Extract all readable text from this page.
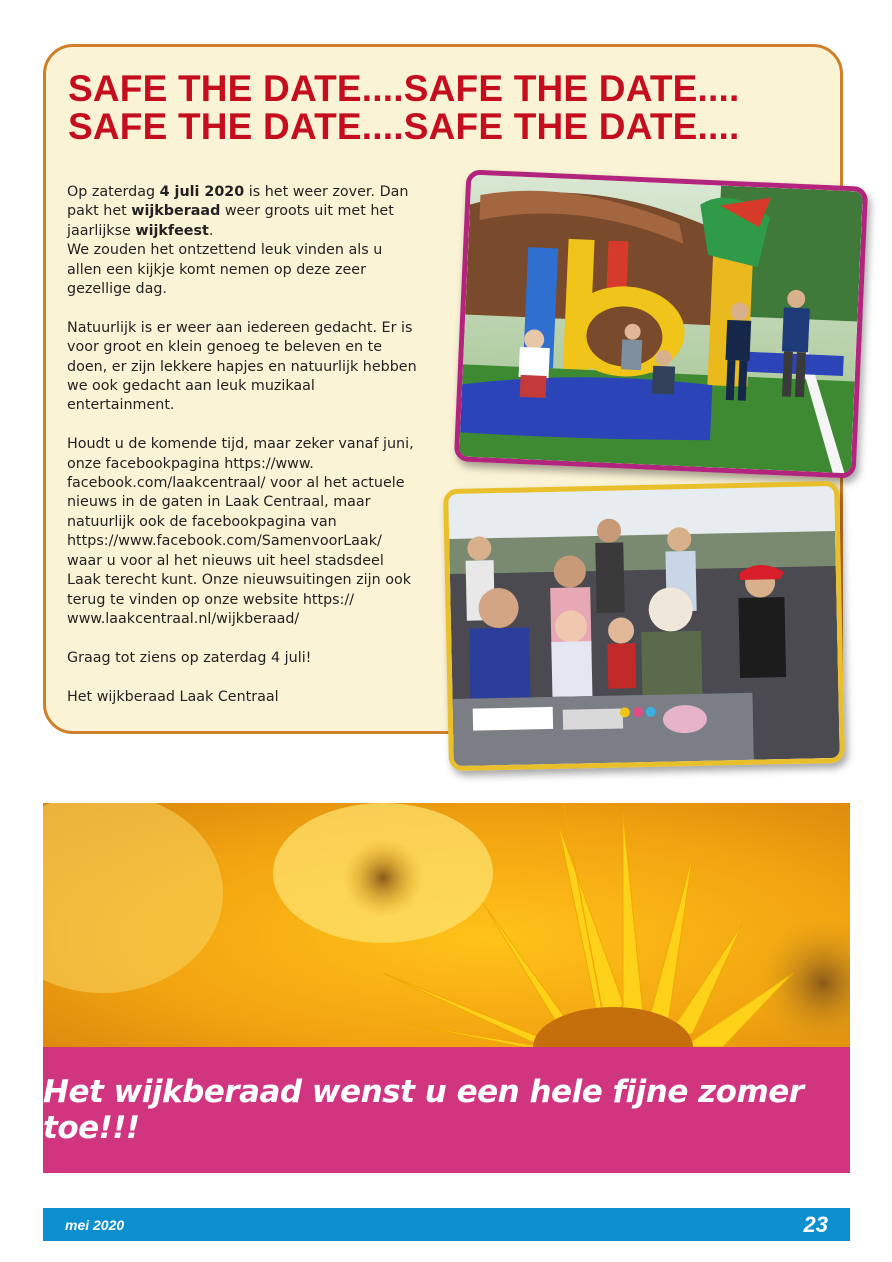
SAFE THE DATE....SAFE THE DATE....
SAFE THE DATE....SAFE THE DATE....

Op zaterdag 4 juli 2020 is het weer zover. Dan pakt het wijkberaad weer groots uit met het jaarlijkse wijkfeest.
We zouden het ontzettend leuk vinden als u allen een kijkje komt nemen op deze zeer gezellige dag.

Natuurlijk is er weer aan iedereen gedacht. Er is voor groot en klein genoeg te beleven en te doen, er zijn lekkere hapjes en natuurlijk hebben we ook gedacht aan leuk muzikaal entertainment.

Houdt u de komende tijd, maar zeker vanaf juni, onze facebookpagina https://www. facebook.com/laakcentraal/ voor al het actuele nieuws in de gaten in Laak Centraal, maar natuurlijk ook de facebookpagina van https://www.facebook.com/SamenvoorLaak/ waar u voor al het nieuws uit heel stadsdeel Laak terecht kunt. Onze nieuwsuitingen zijn ook terug te vinden op onze website https:// www.laakcentraal.nl/wijkberaad/

Graag tot ziens op zaterdag 4 juli!

Het wijkberaad Laak Centraal

Het wijkberaad wenst u een hele fijne zomer toe!!!
mei 2020	23
